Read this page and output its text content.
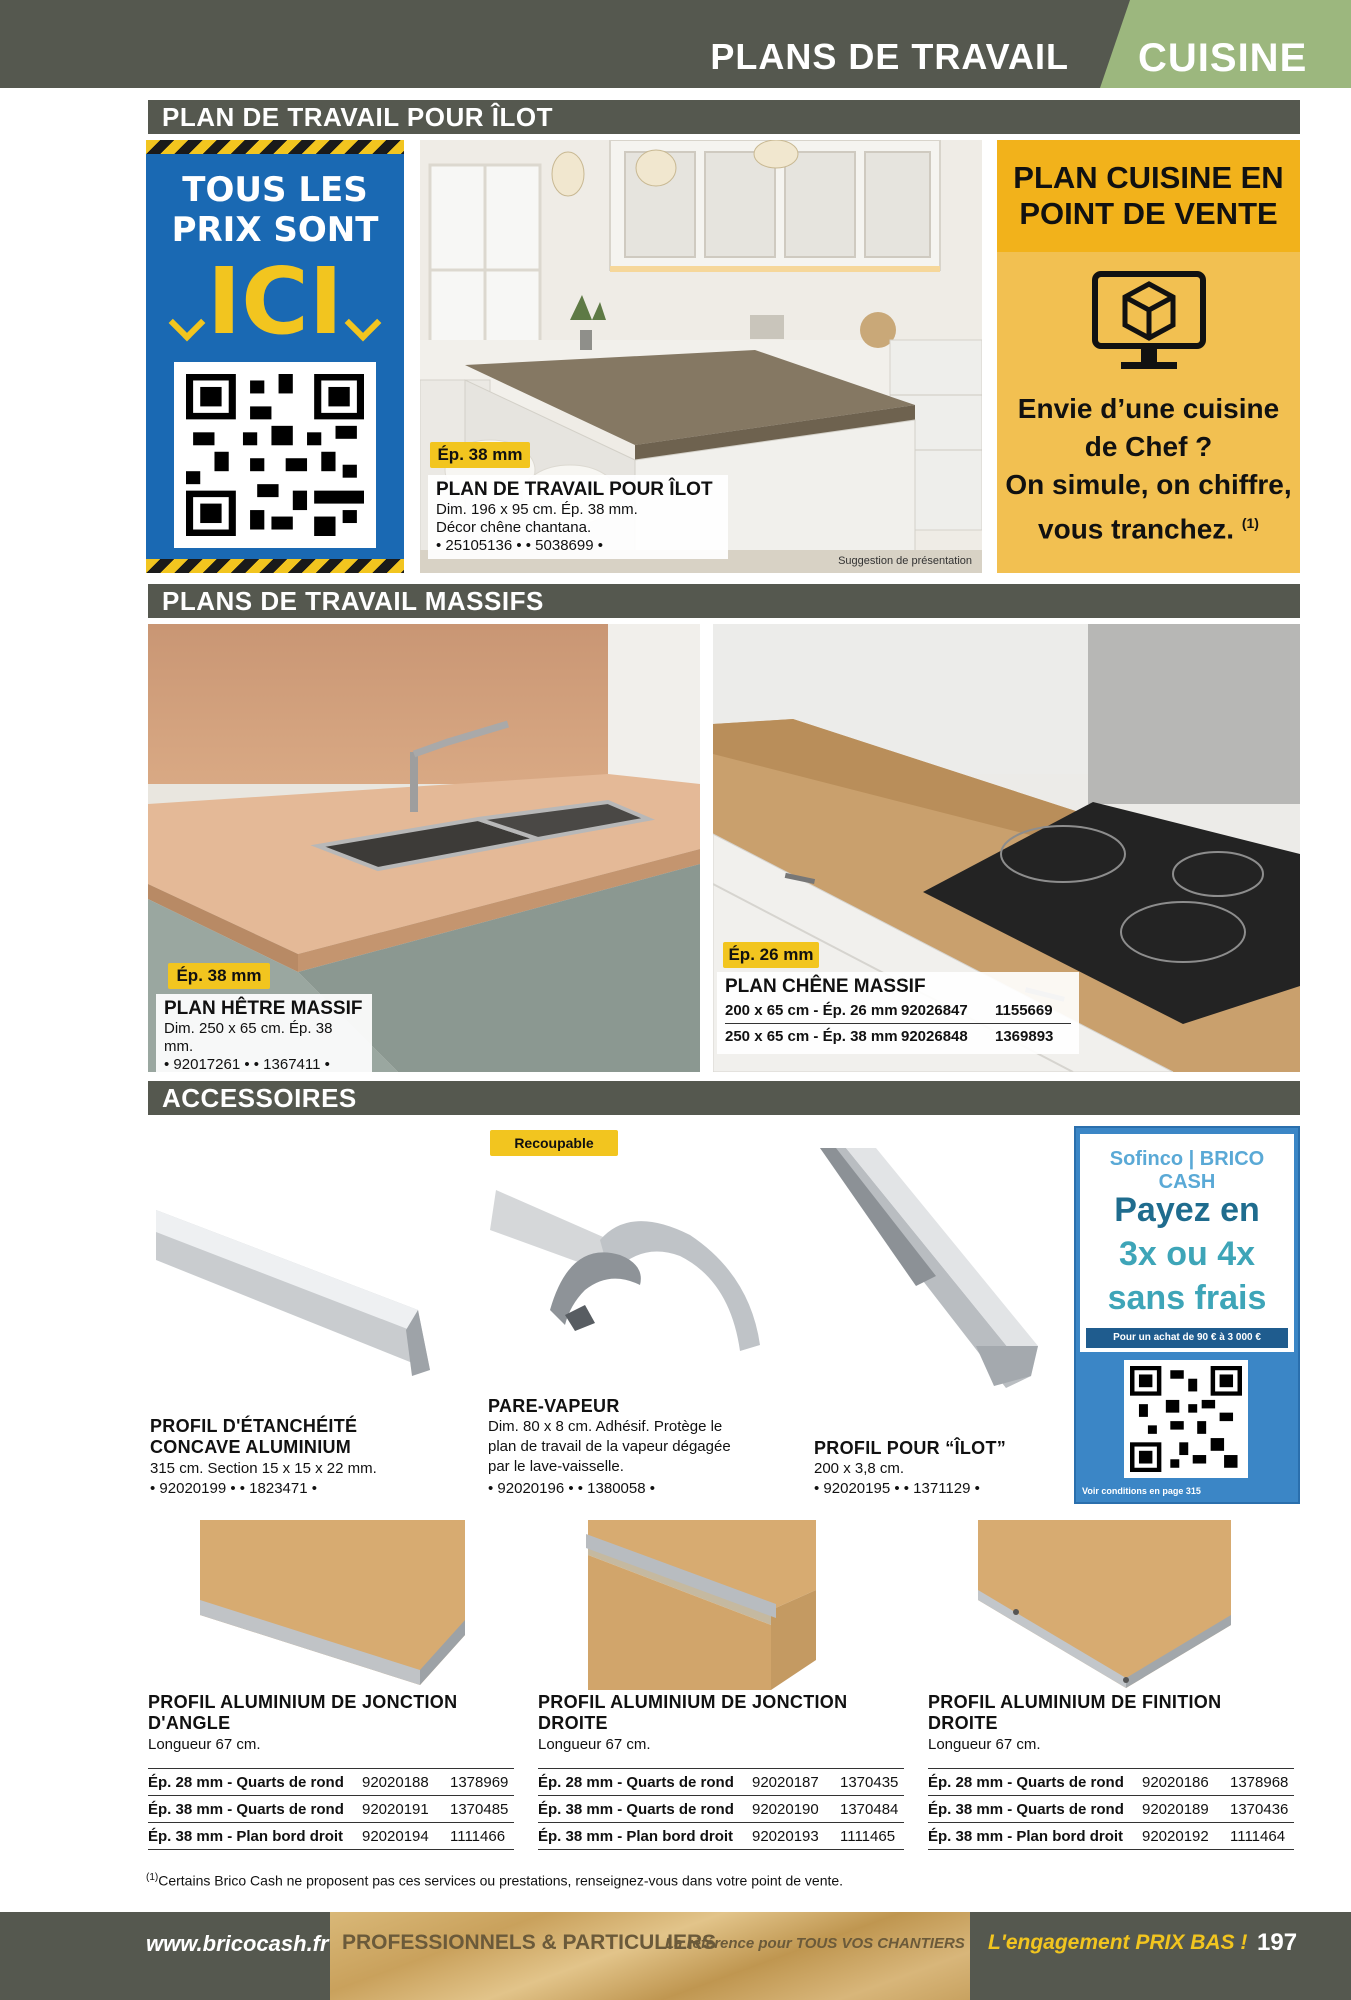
PLANS DE TRAVAIL CUISINE
PLAN DE TRAVAIL POUR ÎLOT
TOUS LES
PRIX SONT
ICI
Ép. 38 mm
PLAN DE TRAVAIL POUR ÎLOT
Dim. 196 x 95 cm. Ép. 38 mm.
Décor chêne chantana.
• 25105136 • • 5038699 •
Suggestion de présentation
PLAN CUISINE EN POINT DE VENTE
Envie d’une cuisine
de Chef ?
On simule, on chiffre,
vous tranchez. $^{(1)}$
PLANS DE TRAVAIL MASSIFS
Ép. 38 mm
PLAN HÊTRE MASSIF
Dim. 250 x 65 cm. Ép. 38 mm.
• 92017261 • • 1367411 •
Ép. 26 mm
PLAN CHÊNE MASSIF
200 x 65 cm - Ép. 26 mm 92026847 1155669
250 x 65 cm - Ép. 38 mm 92026848 1369893
ACCESSOIRES
PROFIL D'ÉTANCHÉITÉ
CONCAVE ALUMINIUM
315 cm. Section 15 x 15 x 22 mm.
• 92020199 • • 1823471 •
Recoupable
PARE-VAPEUR
Dim. 80 x 8 cm. Adhésif. Protège le
plan de travail de la vapeur dégagée
par le lave-vaisselle.
• 92020196 • • 1380058 •
PROFIL POUR “ÎLOT”
200 x 3,8 cm.
• 92020195 • • 1371129 •
Sofinco | BRICO CASH
Payez en
3x ou 4x
sans frais
Pour un achat de 90 € à 3 000 €
Voir conditions en page 315
PROFIL ALUMINIUM DE JONCTION
D'ANGLE
Longueur 67 cm.
Ép. 28 mm - Quarts de rond	92020188	1378969
Ép. 38 mm - Quarts de rond	92020191	1370485
Ép. 38 mm - Plan bord droit	92020194	1111466
PROFIL ALUMINIUM DE JONCTION
DROITE
Longueur 67 cm.
Ép. 28 mm - Quarts de rond	92020187	1370435
Ép. 38 mm - Quarts de rond	92020190	1370484
Ép. 38 mm - Plan bord droit	92020193	1111465
PROFIL ALUMINIUM DE FINITION
DROITE
Longueur 67 cm.
Ép. 28 mm - Quarts de rond	92020186	1378968
Ép. 38 mm - Quarts de rond	92020189	1370436
Ép. 38 mm - Plan bord droit	92020192	1111464
$^{(1)}$Certains Brico Cash ne proposent pas ces services ou prestations, renseignez-vous dans votre point de vente.
www.bricocash.fr PROFESSIONNELS & PARTICULIERS
La référence pour TOUS VOS CHANTIERS L'engagement PRIX BAS ! 197
